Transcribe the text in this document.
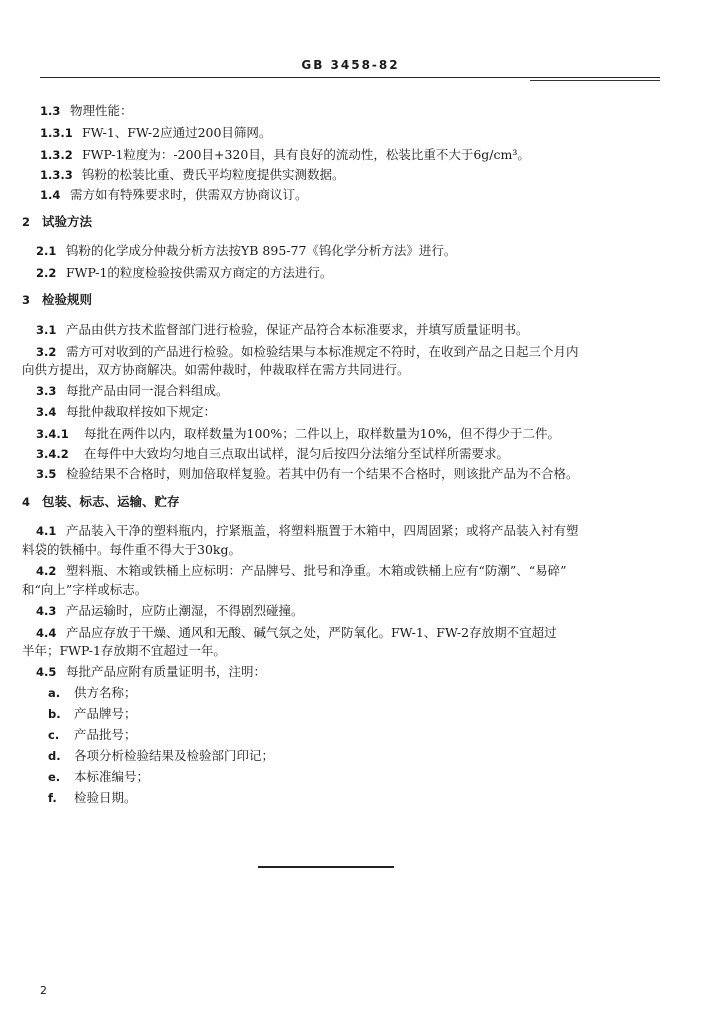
GB 3458-82
1.3 物理性能：
1.3.1 FW-1、FW-2应通过200目筛网。
1.3.2 FWP-1粒度为：-200目+320目，具有良好的流动性，松装比重不大于6g/cm³。
1.3.3 钨粉的松装比重、费氏平均粒度提供实测数据。
1.4 需方如有特殊要求时，供需双方协商议订。
2 试验方法
2.1 钨粉的化学成分仲裁分析方法按YB 895-77《钨化学分析方法》进行。
2.2 FWP-1的粒度检验按供需双方商定的方法进行。
3 检验规则
3.1 产品由供方技术监督部门进行检验，保证产品符合本标准要求，并填写质量证明书。
3.2 需方可对收到的产品进行检验。如检验结果与本标准规定不符时，在收到产品之日起三个月内
向供方提出，双方协商解决。如需仲裁时，仲裁取样在需方共同进行。
3.3 每批产品由同一混合料组成。
3.4 每批仲裁取样按如下规定：
3.4.1 每批在两件以内，取样数量为100%；二件以上，取样数量为10%，但不得少于二件。
3.4.2 在每件中大致均匀地自三点取出试样，混匀后按四分法缩分至试样所需要求。
3.5 检验结果不合格时，则加倍取样复验。若其中仍有一个结果不合格时，则该批产品为不合格。
4 包装、标志、运输、贮存
4.1 产品装入干净的塑料瓶内，拧紧瓶盖，将塑料瓶置于木箱中，四周固紧；或将产品装入衬有塑
料袋的铁桶中。每件重不得大于30kg。
4.2 塑料瓶、木箱或铁桶上应标明：产品牌号、批号和净重。木箱或铁桶上应有“防潮”、“易碎”
和“向上”字样或标志。
4.3 产品运输时，应防止潮湿，不得剧烈碰撞。
4.4 产品应存放于干燥、通风和无酸、碱气氛之处，严防氧化。FW-1、FW-2存放期不宜超过
半年；FWP-1存放期不宜超过一年。
4.5 每批产品应附有质量证明书，注明：
a. 供方名称；
b. 产品牌号；
c. 产品批号；
d. 各项分析检验结果及检验部门印记；
e. 本标准编号；
f. 检验日期。
2
